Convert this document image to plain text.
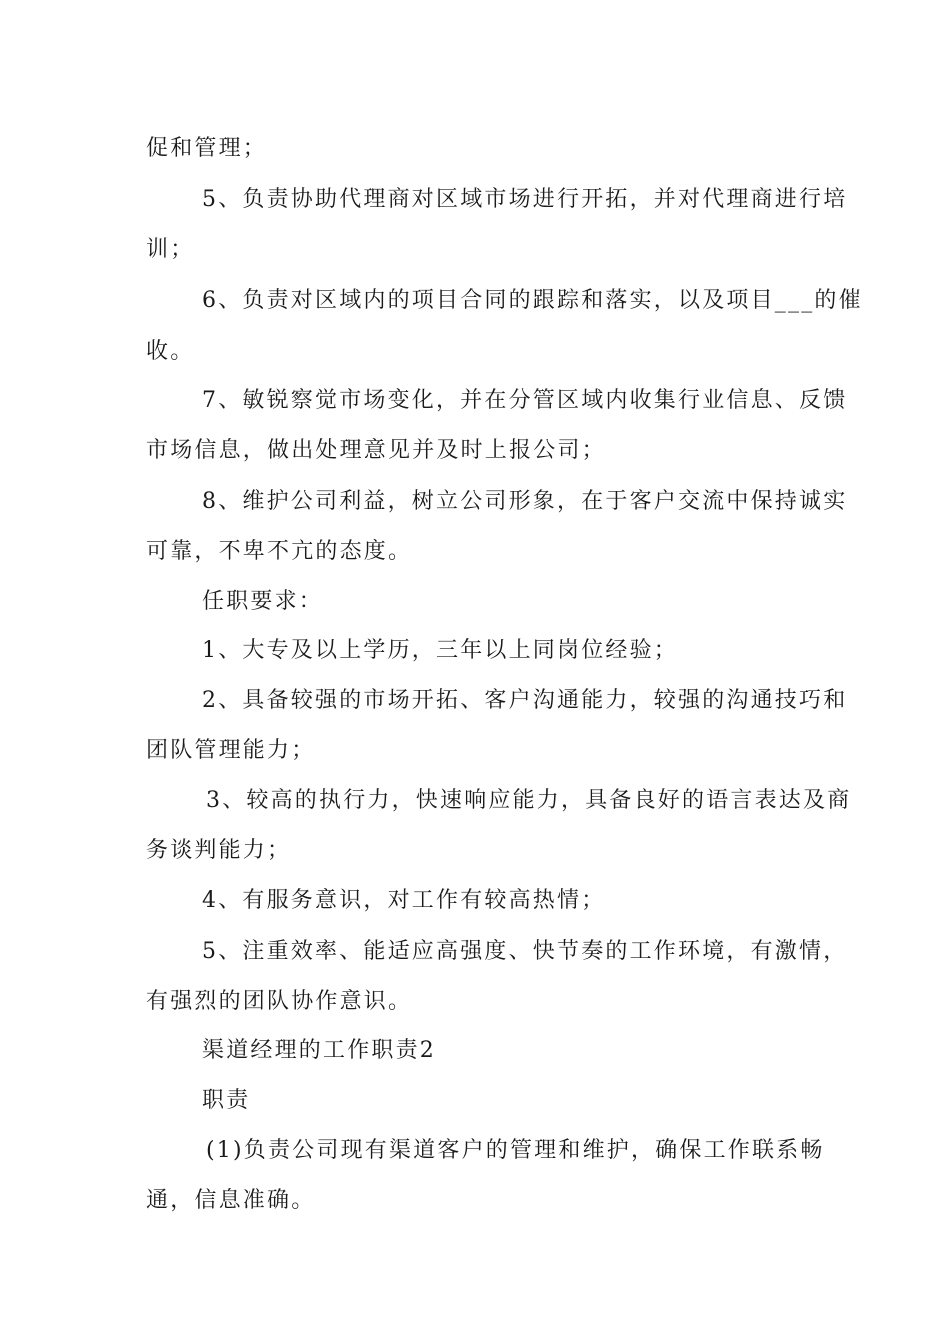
促和管理；
5、负责协助代理商对区域市场进行开拓，并对代理商进行培
训；
6、负责对区域内的项目合同的跟踪和落实，以及项目___的催
收。
7、敏锐察觉市场变化，并在分管区域内收集行业信息、反馈
市场信息，做出处理意见并及时上报公司；
8、维护公司利益，树立公司形象，在于客户交流中保持诚实
可靠，不卑不亢的态度。
任职要求：
1、大专及以上学历，三年以上同岗位经验；
2、具备较强的市场开拓、客户沟通能力，较强的沟通技巧和
团队管理能力；
3、较高的执行力，快速响应能力，具备良好的语言表达及商
务谈判能力；
4、有服务意识，对工作有较高热情；
5、注重效率、能适应高强度、快节奏的工作环境，有激情，
有强烈的团队协作意识。
渠道经理的工作职责2
职责
(1)负责公司现有渠道客户的管理和维护，确保工作联系畅
通，信息准确。
